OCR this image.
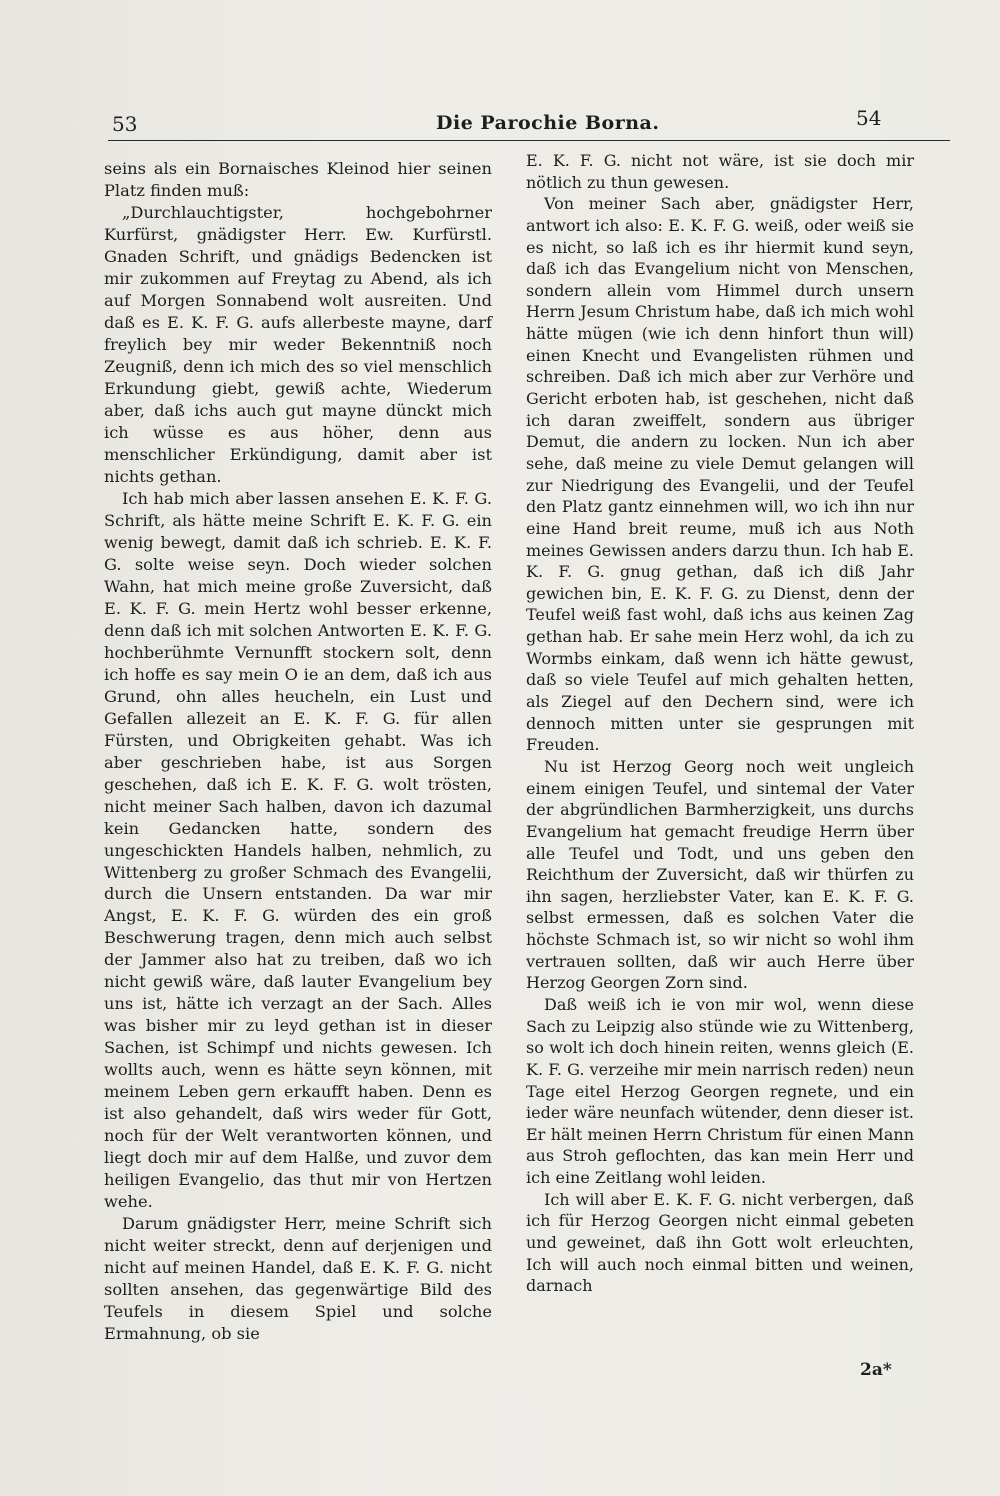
53	Die Parochie Borna.	54

seins als ein Bornaisches Kleinod hier seinen Platz finden muß:

„Durchlauchtigster, hochgebohrner Kurfürst, gnädigster Herr. Ew. Kurfürstl. Gnaden Schrift, und gnädigs Bedencken ist mir zukommen auf Freytag zu Abend, als ich auf Morgen Sonnabend wolt ausreiten. Und daß es E. K. F. G. aufs allerbeste mayne, darf freylich bey mir weder Bekenntniß noch Zeugniß, denn ich mich des so viel menschlich Erkundung giebt, gewiß achte, Wiederum aber, daß ichs auch gut mayne dünckt mich ich wüsse es aus höher, denn aus menschlicher Erkündigung, damit aber ist nichts gethan.

Ich hab mich aber lassen ansehen E. K. F. G. Schrift, als hätte meine Schrift E. K. F. G. ein wenig bewegt, damit daß ich schrieb. E. K. F. G. solte weise seyn. Doch wieder solchen Wahn, hat mich meine große Zuversicht, daß E. K. F. G. mein Hertz wohl besser erkenne, denn daß ich mit solchen Antworten E. K. F. G. hochberühmte Vernunfft stockern solt, denn ich hoffe es say mein O ie an dem, daß ich aus Grund, ohn alles heucheln, ein Lust und Gefallen allezeit an E. K. F. G. für allen Fürsten, und Obrigkeiten gehabt. Was ich aber geschrieben habe, ist aus Sorgen geschehen, daß ich E. K. F. G. wolt trösten, nicht meiner Sach halben, davon ich dazumal kein Gedancken hatte, sondern des ungeschickten Handels halben, nehmlich, zu Wittenberg zu großer Schmach des Evangelii, durch die Unsern entstanden. Da war mir Angst, E. K. F. G. würden des ein groß Beschwerung tragen, denn mich auch selbst der Jammer also hat zu treiben, daß wo ich nicht gewiß wäre, daß lauter Evangelium bey uns ist, hätte ich verzagt an der Sach. Alles was bisher mir zu leyd gethan ist in dieser Sachen, ist Schimpf und nichts gewesen. Ich wollts auch, wenn es hätte seyn können, mit meinem Leben gern erkaufft haben. Denn es ist also gehandelt, daß wirs weder für Gott, noch für der Welt verantworten können, und liegt doch mir auf dem Halße, und zuvor dem heiligen Evangelio, das thut mir von Hertzen wehe.

Darum gnädigster Herr, meine Schrift sich nicht weiter streckt, denn auf derjenigen und nicht auf meinen Handel, daß E. K. F. G. nicht sollten ansehen, das gegenwärtige Bild des Teufels in diesem Spiel und solche Ermahnung, ob sie

E. K. F. G. nicht not wäre, ist sie doch mir nötlich zu thun gewesen.

Von meiner Sach aber, gnädigster Herr, antwort ich also: E. K. F. G. weiß, oder weiß sie es nicht, so laß ich es ihr hiermit kund seyn, daß ich das Evangelium nicht von Menschen, sondern allein vom Himmel durch unsern Herrn Jesum Christum habe, daß ich mich wohl hätte mügen (wie ich denn hinfort thun will) einen Knecht und Evangelisten rühmen und schreiben. Daß ich mich aber zur Verhöre und Gericht erboten hab, ist geschehen, nicht daß ich daran zweiffelt, sondern aus übriger Demut, die andern zu locken. Nun ich aber sehe, daß meine zu viele Demut gelangen will zur Niedrigung des Evangelii, und der Teufel den Platz gantz einnehmen will, wo ich ihn nur eine Hand breit reume, muß ich aus Noth meines Gewissen anders darzu thun. Ich hab E. K. F. G. gnug gethan, daß ich diß Jahr gewichen bin, E. K. F. G. zu Dienst, denn der Teufel weiß fast wohl, daß ichs aus keinen Zag gethan hab. Er sahe mein Herz wohl, da ich zu Wormbs einkam, daß wenn ich hätte gewust, daß so viele Teufel auf mich gehalten hetten, als Ziegel auf den Dechern sind, were ich dennoch mitten unter sie gesprungen mit Freuden.

Nu ist Herzog Georg noch weit ungleich einem einigen Teufel, und sintemal der Vater der abgründlichen Barmherzigkeit, uns durchs Evangelium hat gemacht freudige Herrn über alle Teufel und Todt, und uns geben den Reichthum der Zuversicht, daß wir thürfen zu ihn sagen, herzliebster Vater, kan E. K. F. G. selbst ermessen, daß es solchen Vater die höchste Schmach ist, so wir nicht so wohl ihm vertrauen sollten, daß wir auch Herre über Herzog Georgen Zorn sind.

Daß weiß ich ie von mir wol, wenn diese Sach zu Leipzig also stünde wie zu Wittenberg, so wolt ich doch hinein reiten, wenns gleich (E. K. F. G. verzeihe mir mein narrisch reden) neun Tage eitel Herzog Georgen regnete, und ein ieder wäre neunfach wütender, denn dieser ist. Er hält meinen Herrn Christum für einen Mann aus Stroh geflochten, das kan mein Herr und ich eine Zeitlang wohl leiden.

Ich will aber E. K. F. G. nicht verbergen, daß ich für Herzog Georgen nicht einmal gebeten und geweinet, daß ihn Gott wolt erleuchten, Ich will auch noch einmal bitten und weinen, darnach

2a*
